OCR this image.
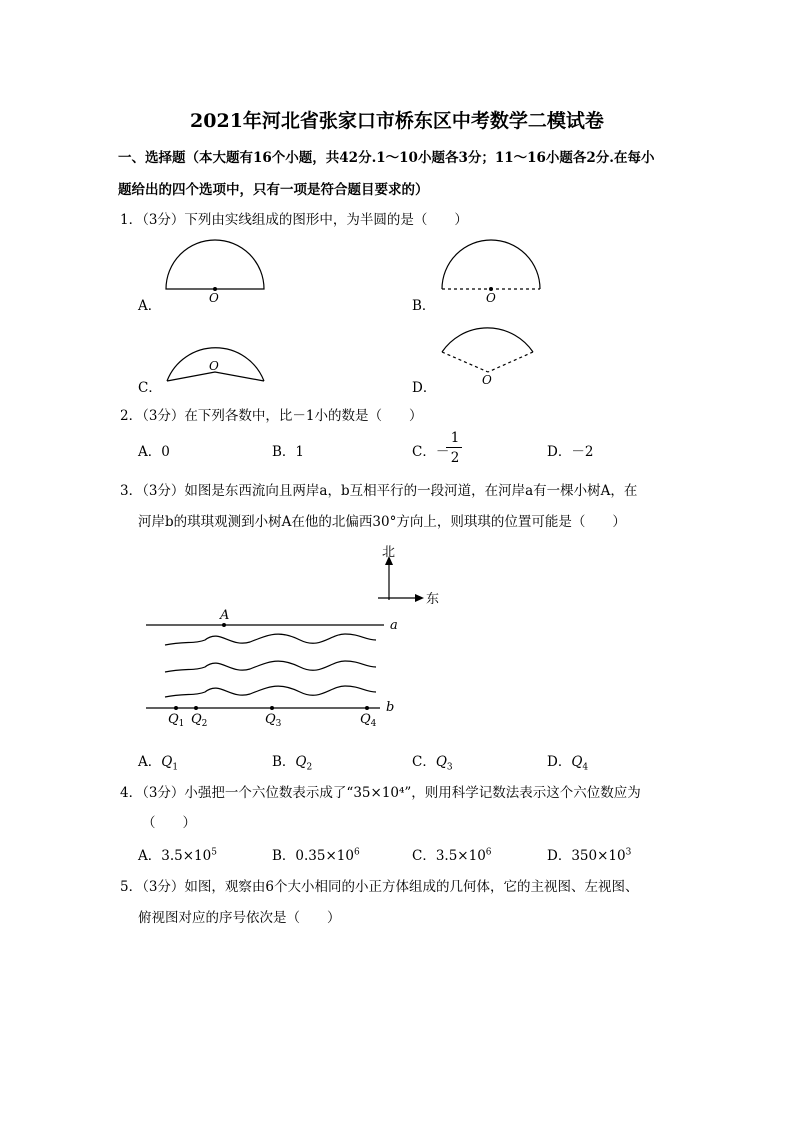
2021年河北省张家口市桥东区中考数学二模试卷
一、选择题（本大题有16个小题，共42分.1～10小题各3分；11～16小题各2分.在每小
题给出的四个选项中，只有一项是符合题目要求的）
1．（3分）下列由实线组成的图形中，为半圆的是（　　）
A．	B．
C．	D．
O	O
O
O
2．（3分）在下列各数中，比－1小的数是（　　）
A．0	B．1	C．－
1
2	D．－2
3．（3分）如图是东西流向且两岸a，b互相平行的一段河道，在河岸a有一棵小树A，在
河岸b的琪琪观测到小树A在他的北偏西30°方向上，则琪琪的位置可能是（　　）
北
东
a
A
b
$Q_1$ $Q_2$	$Q_3$	$Q_4$
A．$Q_1$	B．$Q_2$	C．$Q_3$	D．$Q_4$
4．（3分）小强把一个六位数表示成了“35×10⁴”，则用科学记数法表示这个六位数应为
（　　）
A．$3.5\times 10^5$	B．$0.35\times 10^6$	C．$3.5\times 10^6$	D．$350\times 10^3$
5．（3分）如图，观察由6个大小相同的小正方体组成的几何体，它的主视图、左视图、
俯视图对应的序号依次是（　　）
